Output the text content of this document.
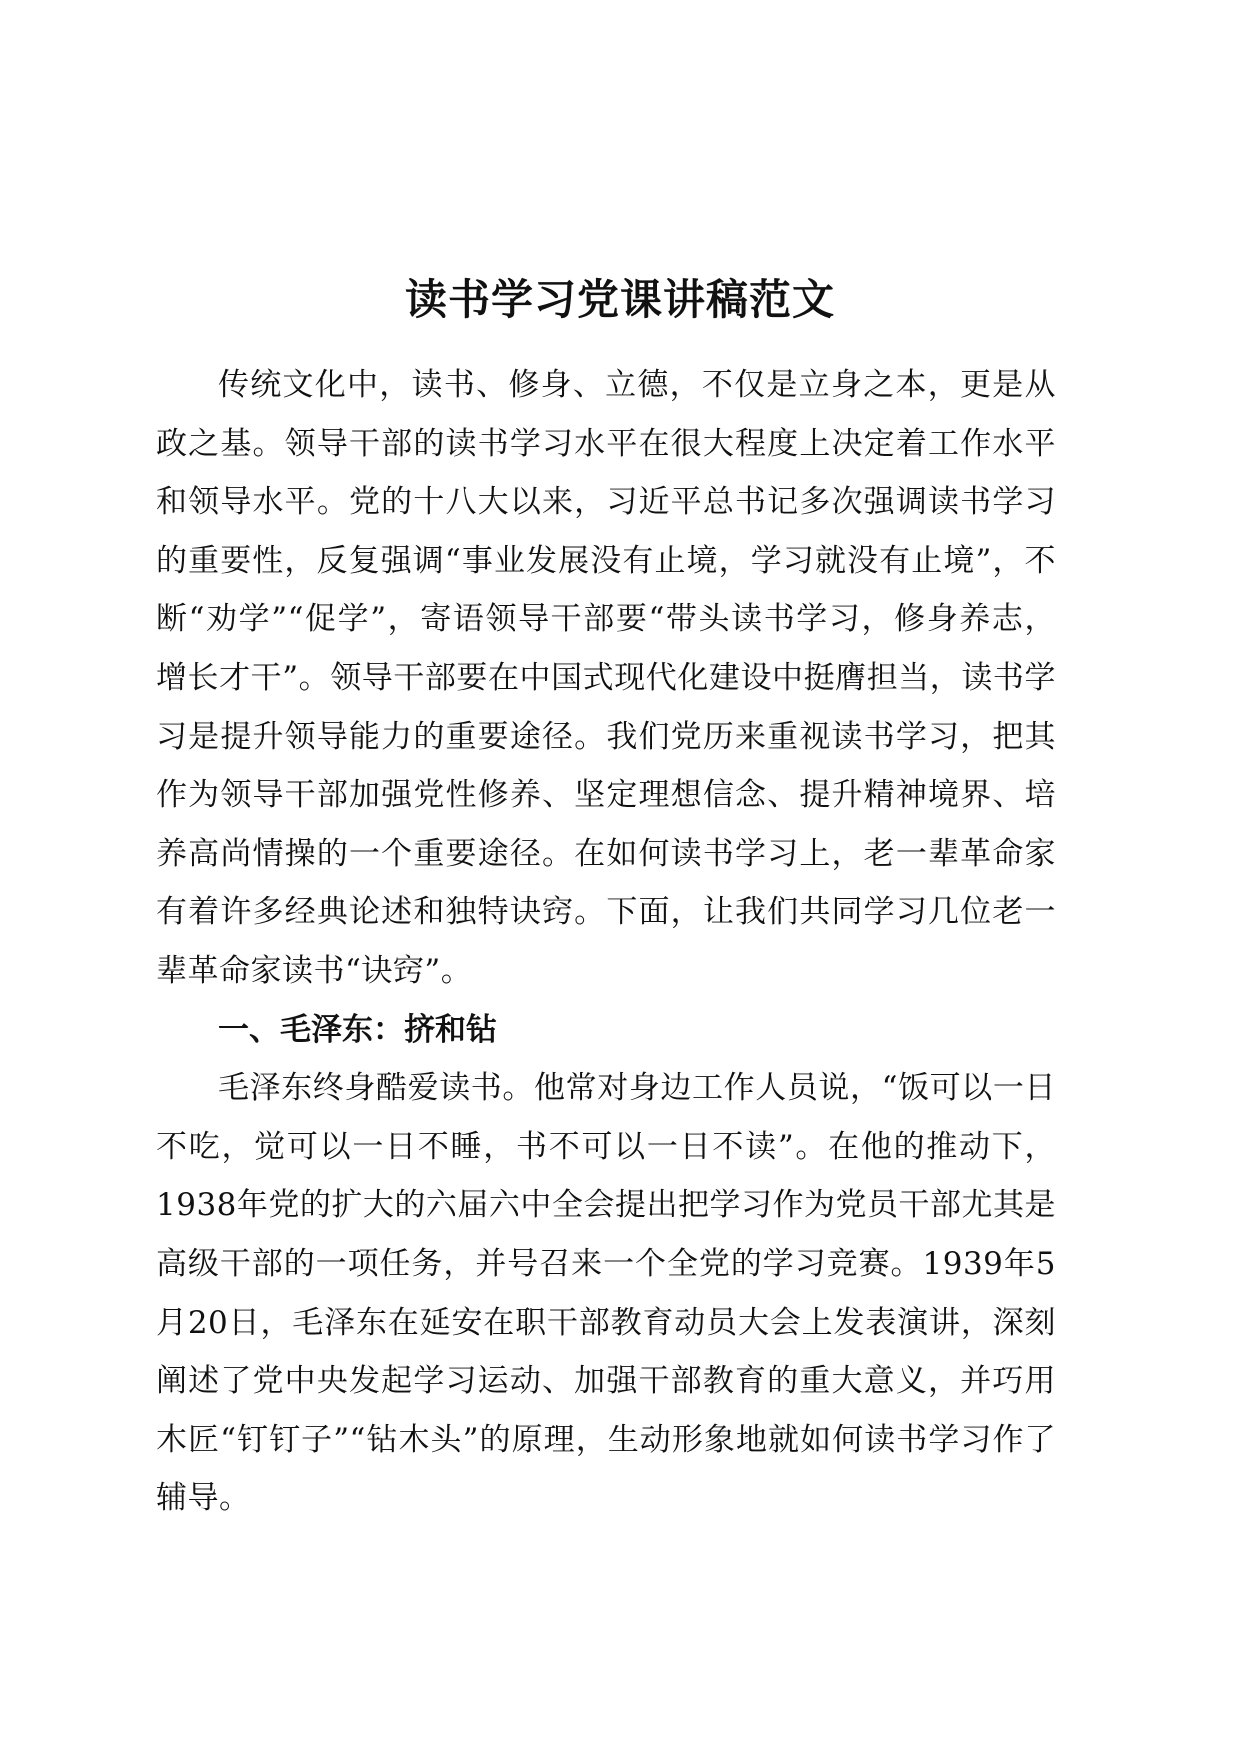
读书学习党课讲稿范文

传统文化中，读书、修身、立德，不仅是立身之本，更是从政之基。领导干部的读书学习水平在很大程度上决定着工作水平和领导水平。党的十八大以来，习近平总书记多次强调读书学习的重要性，反复强调“事业发展没有止境，学习就没有止境”，不断“劝学”“促学”，寄语领导干部要“带头读书学习，修身养志，增长才干”。领导干部要在中国式现代化建设中挺膺担当，读书学习是提升领导能力的重要途径。我们党历来重视读书学习，把其作为领导干部加强党性修养、坚定理想信念、提升精神境界、培养高尚情操的一个重要途径。在如何读书学习上，老一辈革命家有着许多经典论述和独特诀窍。下面，让我们共同学习几位老一辈革命家读书“诀窍”。

一、毛泽东：挤和钻

毛泽东终身酷爱读书。他常对身边工作人员说，“饭可以一日不吃，觉可以一日不睡，书不可以一日不读”。在他的推动下，1938年党的扩大的六届六中全会提出把学习作为党员干部尤其是高级干部的一项任务，并号召来一个全党的学习竞赛。1939年5月20日，毛泽东在延安在职干部教育动员大会上发表演讲，深刻阐述了党中央发起学习运动、加强干部教育的重大意义，并巧用木匠“钉钉子”“钻木头”的原理，生动形象地就如何读书学习作了辅导。
